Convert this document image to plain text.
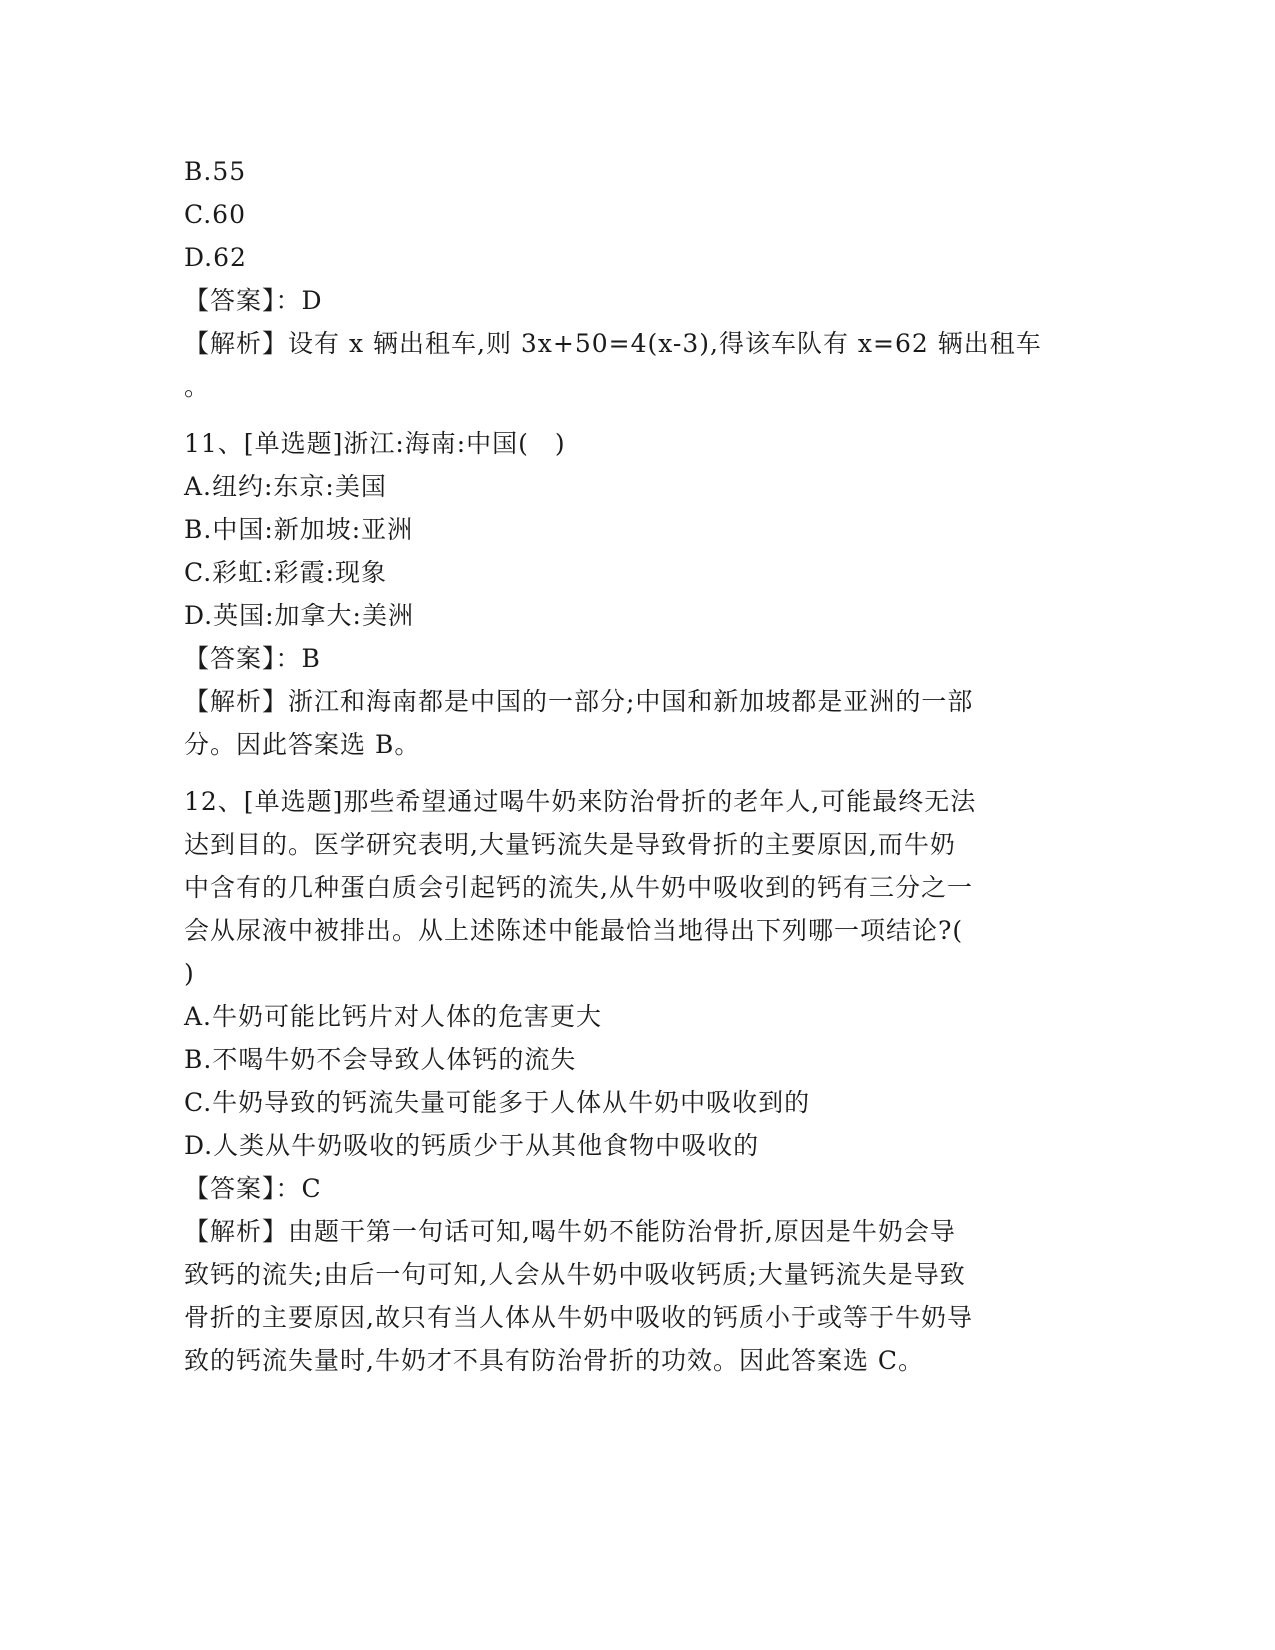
B.55
C.60
D.62
【答案】：D
【解析】设有 x 辆出租车,则 3x+50=4(x-3),得该车队有 x=62 辆出租车
。
11、[单选题]浙江:海南:中国(　)
A.纽约:东京:美国
B.中国:新加坡:亚洲
C.彩虹:彩霞:现象
D.英国:加拿大:美洲
【答案】：B
【解析】浙江和海南都是中国的一部分;中国和新加坡都是亚洲的一部
分。因此答案选 B。
12、[单选题]那些希望通过喝牛奶来防治骨折的老年人,可能最终无法
达到目的。医学研究表明,大量钙流失是导致骨折的主要原因,而牛奶
中含有的几种蛋白质会引起钙的流失,从牛奶中吸收到的钙有三分之一
会从尿液中被排出。从上述陈述中能最恰当地得出下列哪一项结论?(
)
A.牛奶可能比钙片对人体的危害更大
B.不喝牛奶不会导致人体钙的流失
C.牛奶导致的钙流失量可能多于人体从牛奶中吸收到的
D.人类从牛奶吸收的钙质少于从其他食物中吸收的
【答案】：C
【解析】由题干第一句话可知,喝牛奶不能防治骨折,原因是牛奶会导
致钙的流失;由后一句可知,人会从牛奶中吸收钙质;大量钙流失是导致
骨折的主要原因,故只有当人体从牛奶中吸收的钙质小于或等于牛奶导
致的钙流失量时,牛奶才不具有防治骨折的功效。因此答案选 C。
